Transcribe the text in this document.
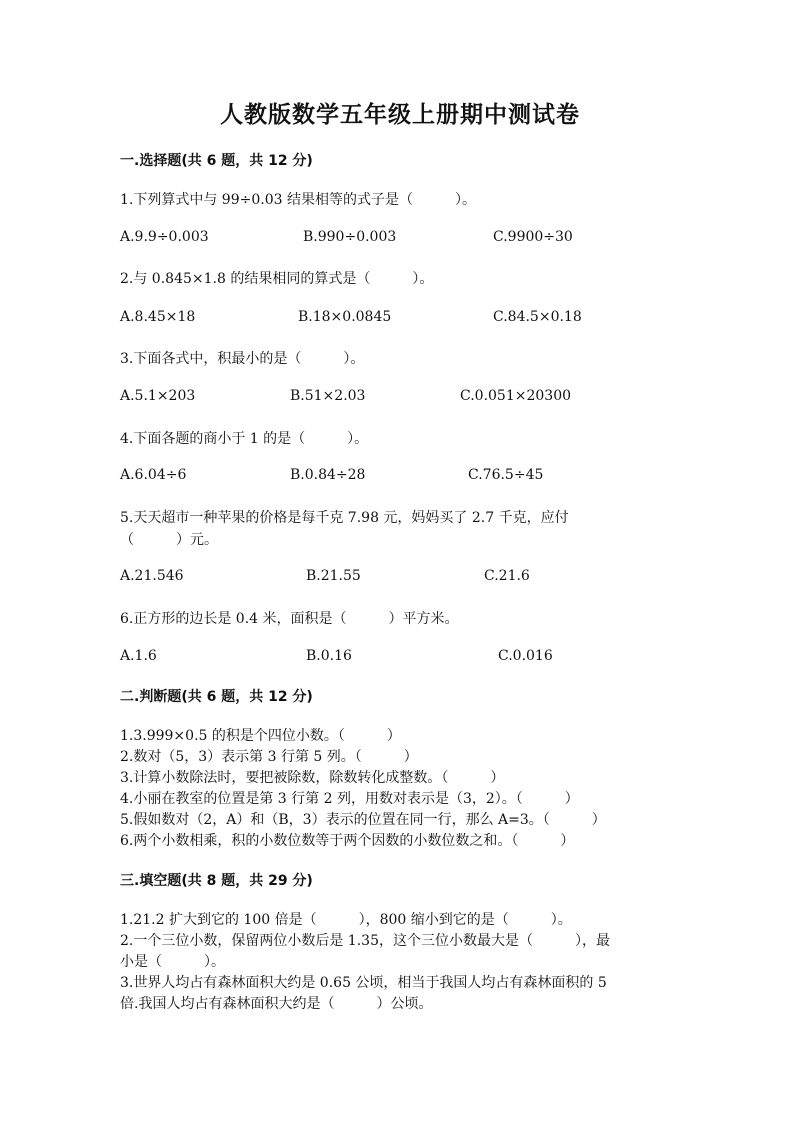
人教版数学五年级上册期中测试卷
一.选择题(共 6 题，共 12 分)
1.下列算式中与 99÷0.03 结果相等的式子是（　　　）。
A.9.9÷0.003	B.990÷0.003	C.9900÷30
2.与 0.845×1.8 的结果相同的算式是（　　　）。
A.8.45×18	B.18×0.0845	C.84.5×0.18
3.下面各式中，积最小的是（　　　）。
A.5.1×203	B.51×2.03	C.0.051×20300
4.下面各题的商小于 1 的是（　　　）。
A.6.04÷6	B.0.84÷28	C.76.5÷45
5.天天超市一种苹果的价格是每千克 7.98 元，妈妈买了 2.7 千克，应付
（　　　）元。
A.21.546	B.21.55	C.21.6
6.正方形的边长是 0.4 米，面积是（　　　）平方米。
A.1.6	B.0.16	C.0.016
二.判断题(共 6 题，共 12 分)
1.3.999×0.5 的积是个四位小数。（　　　）
2.数对（5，3）表示第 3 行第 5 列。（　　　）
3.计算小数除法时，要把被除数，除数转化成整数。（　　　）
4.小丽在教室的位置是第 3 行第 2 列，用数对表示是（3，2）。（　　　）
5.假如数对（2，A）和（B，3）表示的位置在同一行，那么 A=3。（　　　）
6.两个小数相乘，积的小数位数等于两个因数的小数位数之和。（　　　）
三.填空题(共 8 题，共 29 分)
1.21.2 扩大到它的 100 倍是（　　　），800 缩小到它的是（　　　）。
2.一个三位小数，保留两位小数后是 1.35，这个三位小数最大是（　　　），最
小是（　　　）。
3.世界人均占有森林面积大约是 0.65 公顷，相当于我国人均占有森林面积的 5
倍.我国人均占有森林面积大约是（　　　）公顷。
